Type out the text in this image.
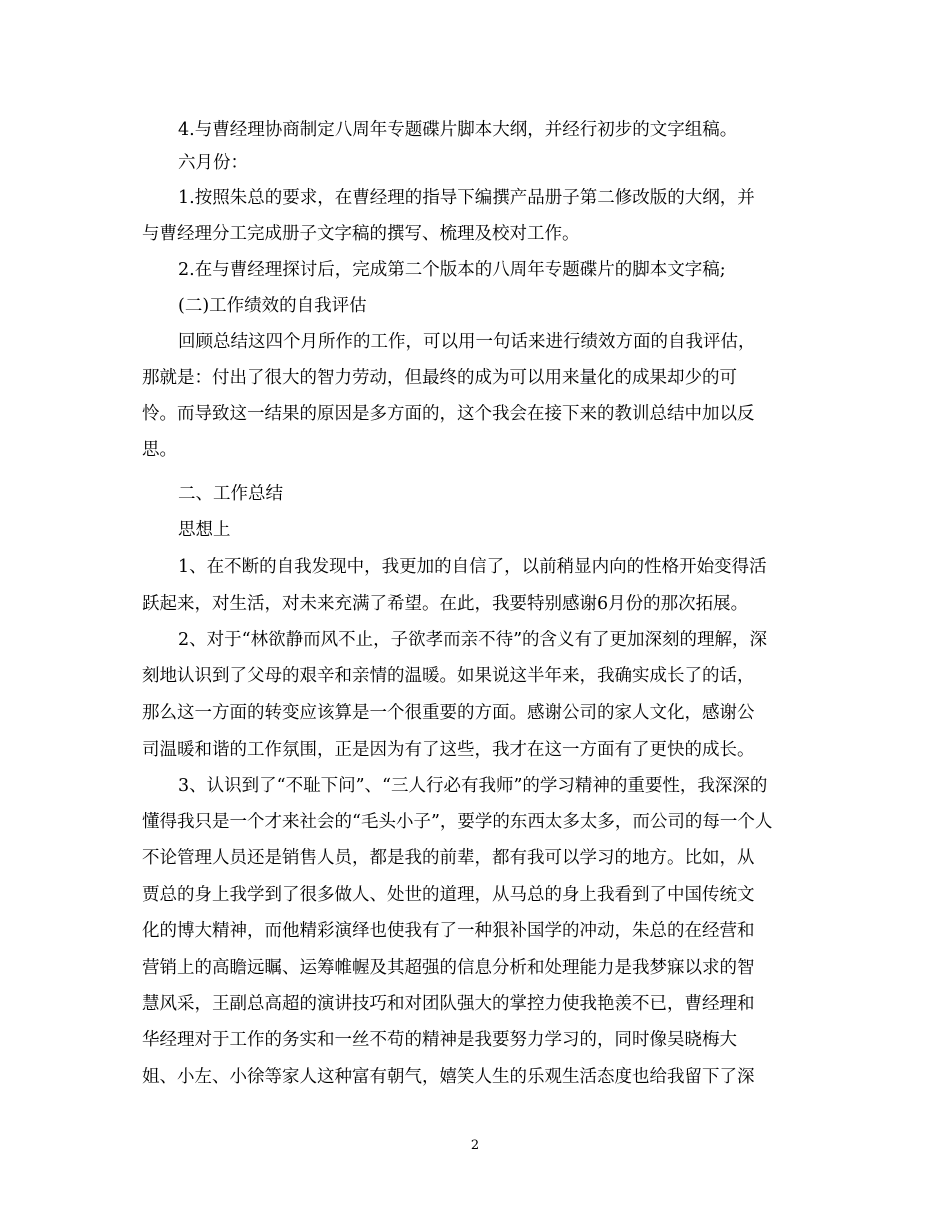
4.与曹经理协商制定八周年专题碟片脚本大纲，并经行初步的文字组稿。
六月份：
1.按照朱总的要求，在曹经理的指导下编撰产品册子第二修改版的大纲，并
与曹经理分工完成册子文字稿的撰写、梳理及校对工作。
2.在与曹经理探讨后，完成第二个版本的八周年专题碟片的脚本文字稿;
(二)工作绩效的自我评估
回顾总结这四个月所作的工作，可以用一句话来进行绩效方面的自我评估，
那就是：付出了很大的智力劳动，但最终的成为可以用来量化的成果却少的可
怜。而导致这一结果的原因是多方面的，这个我会在接下来的教训总结中加以反
思。
二、工作总结
思想上
1、在不断的自我发现中，我更加的自信了，以前稍显内向的性格开始变得活
跃起来，对生活，对未来充满了希望。在此，我要特别感谢6月份的那次拓展。
2、对于“林欲静而风不止，子欲孝而亲不待”的含义有了更加深刻的理解，深
刻地认识到了父母的艰辛和亲情的温暖。如果说这半年来，我确实成长了的话，
那么这一方面的转变应该算是一个很重要的方面。感谢公司的家人文化，感谢公
司温暖和谐的工作氛围，正是因为有了这些，我才在这一方面有了更快的成长。
3、认识到了“不耻下问”、“三人行必有我师”的学习精神的重要性，我深深的
懂得我只是一个才来社会的“毛头小子”，要学的东西太多太多，而公司的每一个人
不论管理人员还是销售人员，都是我的前辈，都有我可以学习的地方。比如，从
贾总的身上我学到了很多做人、处世的道理，从马总的身上我看到了中国传统文
化的博大精神，而他精彩演绎也使我有了一种狠补国学的冲动，朱总的在经营和
营销上的高瞻远瞩、运筹帷幄及其超强的信息分析和处理能力是我梦寐以求的智
慧风采，王副总高超的演讲技巧和对团队强大的掌控力使我艳羡不已，曹经理和
华经理对于工作的务实和一丝不苟的精神是我要努力学习的，同时像吴晓梅大
姐、小左、小徐等家人这种富有朝气，嬉笑人生的乐观生活态度也给我留下了深
2
